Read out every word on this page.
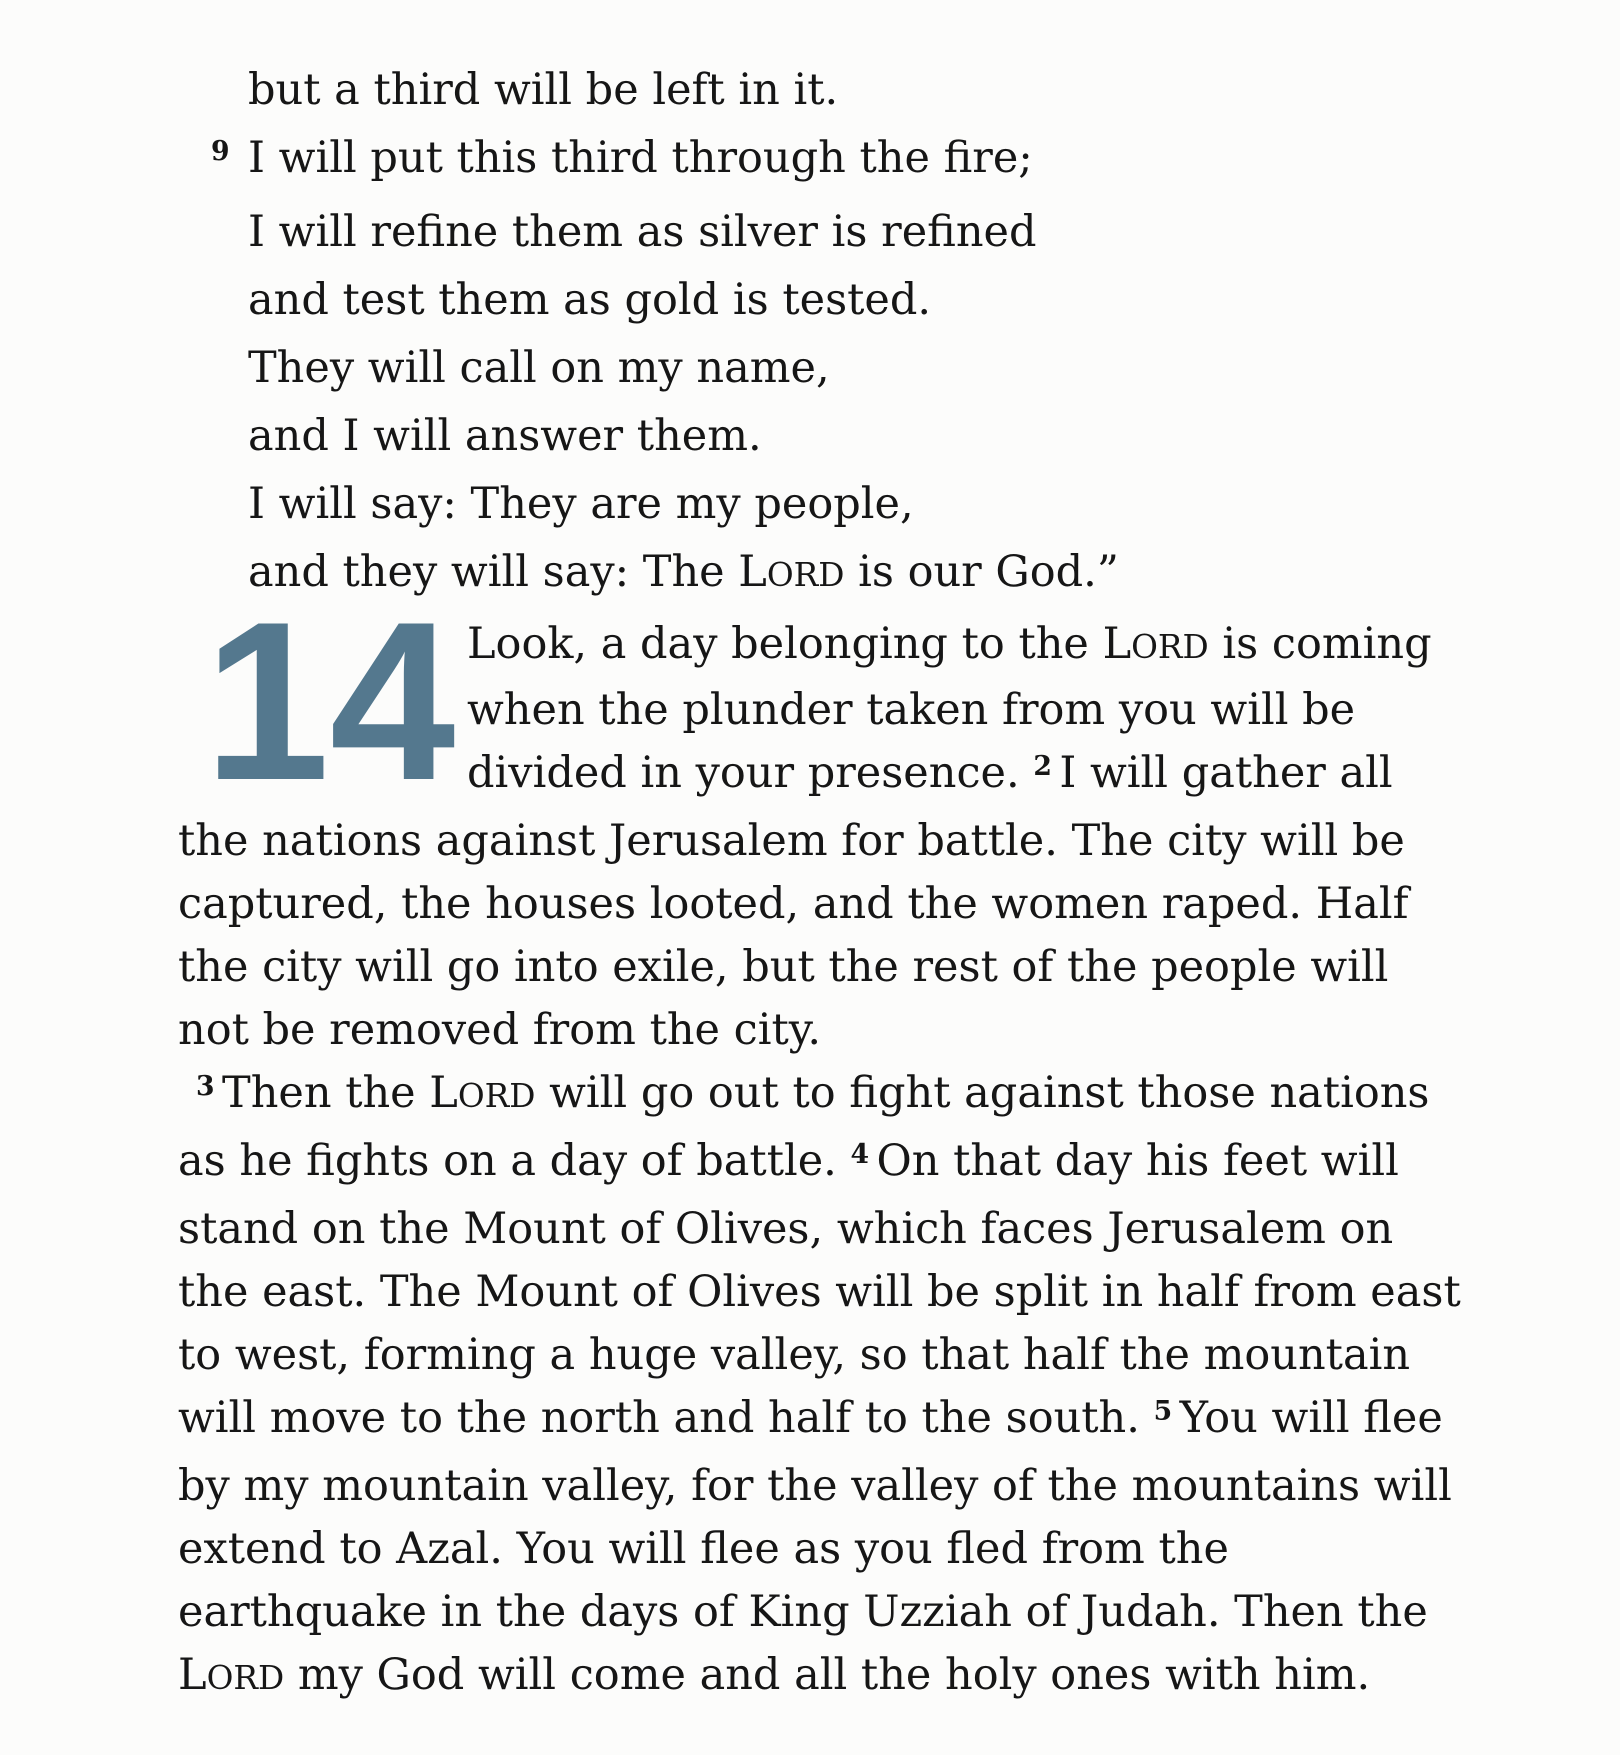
but a third will be left in it.
9 I will put this third through the fire;
I will refine them as silver is refined
and test them as gold is tested.
They will call on my name,
and I will answer them.
I will say: They are my people,
and they will say: The LORD is our God.”

14 Look, a day belonging to the LORD is coming when the plunder taken from you will be divided in your presence. $^2$ I will gather all the nations against Jerusalem for battle. The city will be captured, the houses looted, and the women raped. Half the city will go into exile, but the rest of the people will not be removed from the city.

$^3$ Then the LORD will go out to fight against those nations as he fights on a day of battle. $^4$ On that day his feet will stand on the Mount of Olives, which faces Jerusalem on the east. The Mount of Olives will be split in half from east to west, forming a huge valley, so that half the mountain will move to the north and half to the south. $^5$ You will flee by my mountain valley, for the valley of the mountains will extend to Azal. You will flee as you fled from the earthquake in the days of King Uzziah of Judah. Then the LORD my God will come and all the holy ones with him.
